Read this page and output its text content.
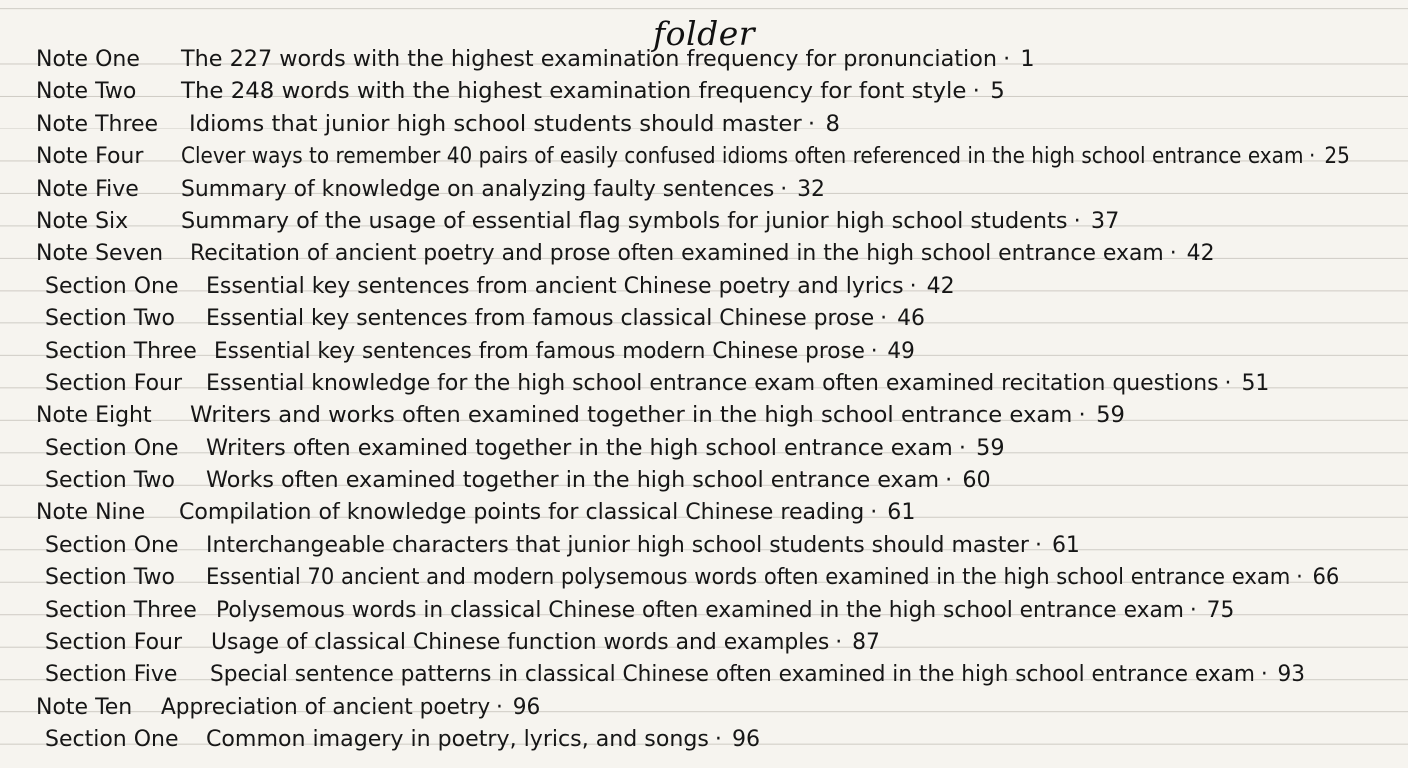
folder
Note One The 227 words with the highest examination frequency for pronunciation · 1
Note Two The 248 words with the highest examination frequency for font style · 5
Note Three Idioms that junior high school students should master · 8
Note Four Clever ways to remember 40 pairs of easily confused idioms often referenced in the high school entrance exam · 25
Note Five Summary of knowledge on analyzing faulty sentences · 32
Note Six Summary of the usage of essential flag symbols for junior high school students · 37
Note Seven Recitation of ancient poetry and prose often examined in the high school entrance exam · 42
Section One Essential key sentences from ancient Chinese poetry and lyrics · 42
Section Two Essential key sentences from famous classical Chinese prose · 46
Section Three Essential key sentences from famous modern Chinese prose · 49
Section Four Essential knowledge for the high school entrance exam often examined recitation questions · 51
Note Eight Writers and works often examined together in the high school entrance exam · 59
Section One Writers often examined together in the high school entrance exam · 59
Section Two Works often examined together in the high school entrance exam · 60
Note Nine Compilation of knowledge points for classical Chinese reading · 61
Section One Interchangeable characters that junior high school students should master · 61
Section Two Essential 70 ancient and modern polysemous words often examined in the high school entrance exam · 66
Section Three Polysemous words in classical Chinese often examined in the high school entrance exam · 75
Section Four Usage of classical Chinese function words and examples · 87
Section Five Special sentence patterns in classical Chinese often examined in the high school entrance exam · 93
Note Ten Appreciation of ancient poetry · 96
Section One Common imagery in poetry, lyrics, and songs · 96
